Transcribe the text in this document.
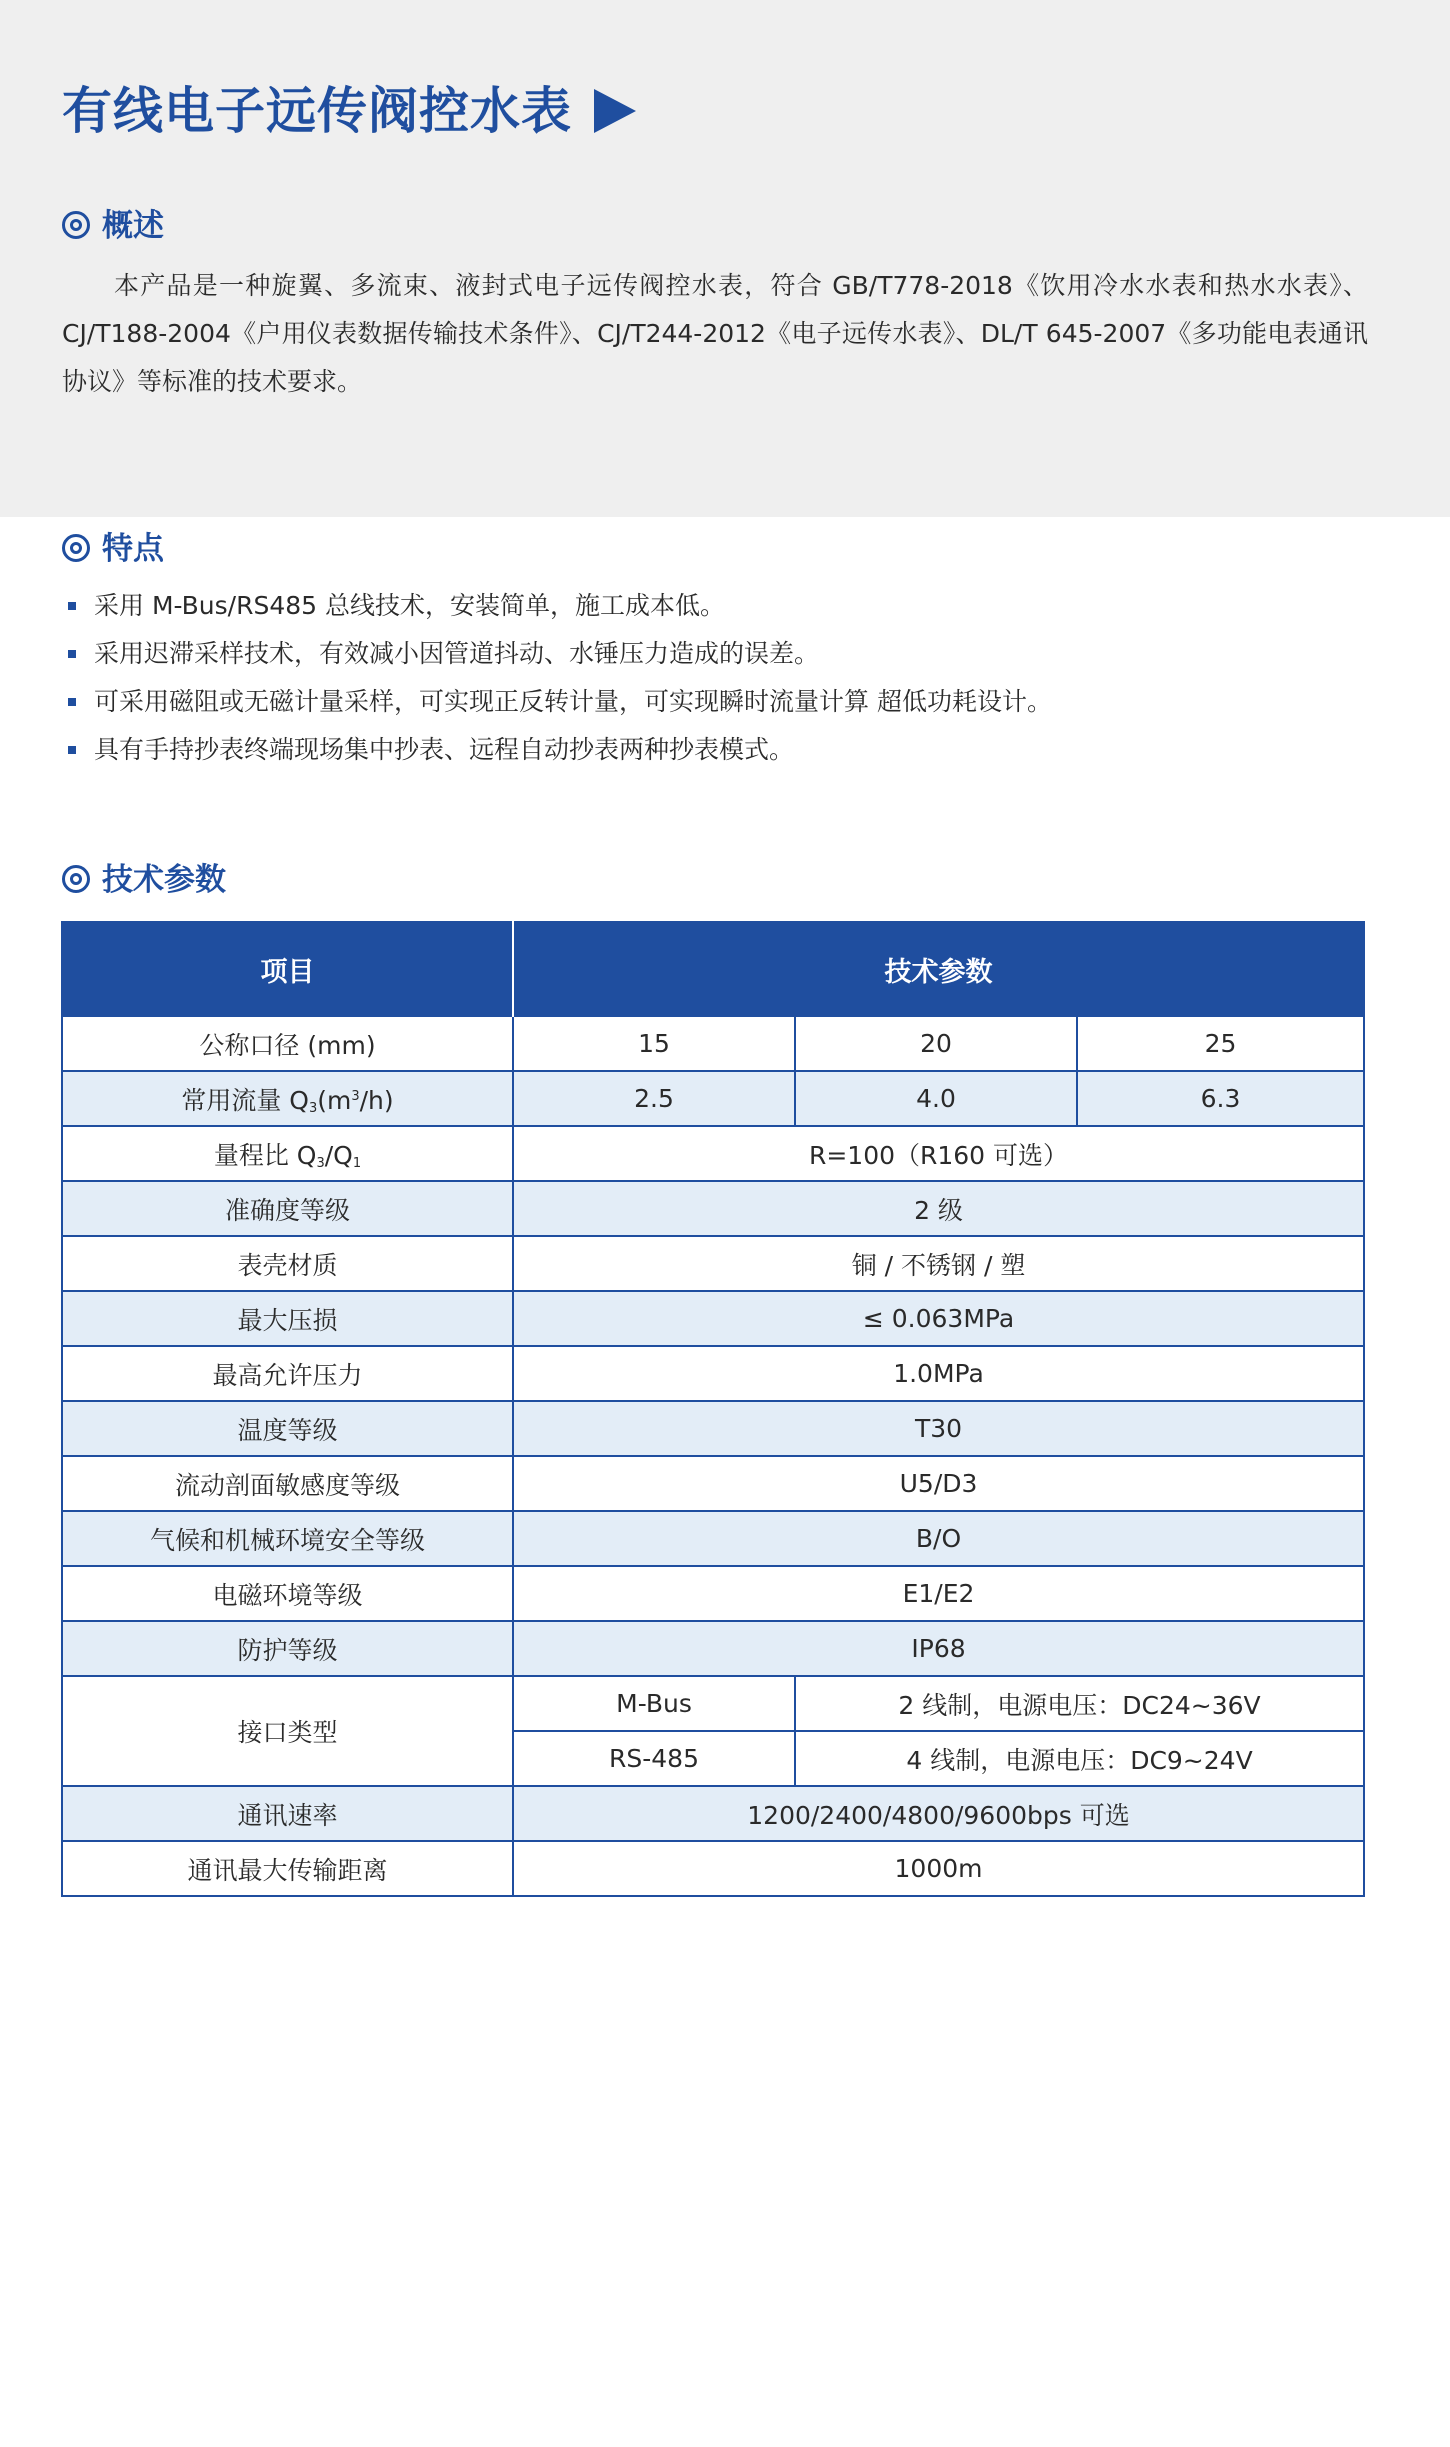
有线电子远传阀控水表
概述

本产品是一种旋翼、多流束、液封式电子远传阀控水表，符合 GB/T778-2018《饮用冷水水表和热水水表》、CJ/T188-2004《户用仪表数据传输技术条件》、CJ/T244-2012《电子远传水表》、DL/T 645-2007《多功能电表通讯协议》等标准的技术要求。

特点
采用 M-Bus/RS485 总线技术，安装简单，施工成本低。
采用迟滞采样技术，有效减小因管道抖动、水锤压力造成的误差。
可采用磁阻或无磁计量采样，可实现正反转计量，可实现瞬时流量计算 超低功耗设计。
具有手持抄表终端现场集中抄表、远程自动抄表两种抄表模式。
技术参数
项目	技术参数		
公称口径 (mm)	15	20	25
常用流量 $Q_3(m^3/h)$	2.5	4.0	6.3
量程比 $Q_3/Q_1$	R=100（R160 可选）		
准确度等级	2 级		
表壳材质	铜 / 不锈钢 / 塑		
最大压损	≤ 0.063MPa		
最高允许压力	1.0MPa		
温度等级	T30		
流动剖面敏感度等级	U5/D3		
气候和机械环境安全等级	B/O		
电磁环境等级	E1/E2		
防护等级	IP68		
接口类型	M-Bus	2 线制，电源电压：DC24~36V	
	RS-485	4 线制，电源电压：DC9~24V	
通讯速率	1200/2400/4800/9600bps 可选		
通讯最大传输距离	1000m		
